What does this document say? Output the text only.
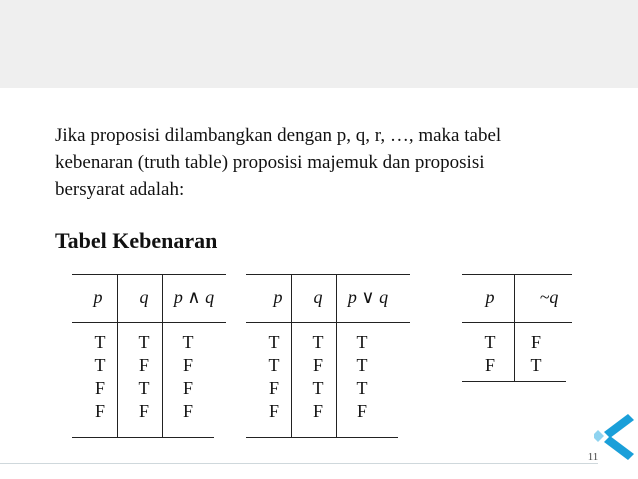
Jika proposisi dilambangkan dengan p, q, r, …, maka tabel
kebenaran (truth table) proposisi majemuk dan proposisi
bersyarat adalah:

Tabel Kebenaran
p	q	p ∧ q
T	T	T
T	F	F
F	T	F
F	F	F
p	q	p ∨ q
T	T	T
T	F	T
F	T	T
F	F	F
p	~q
T	F
F	T
11
